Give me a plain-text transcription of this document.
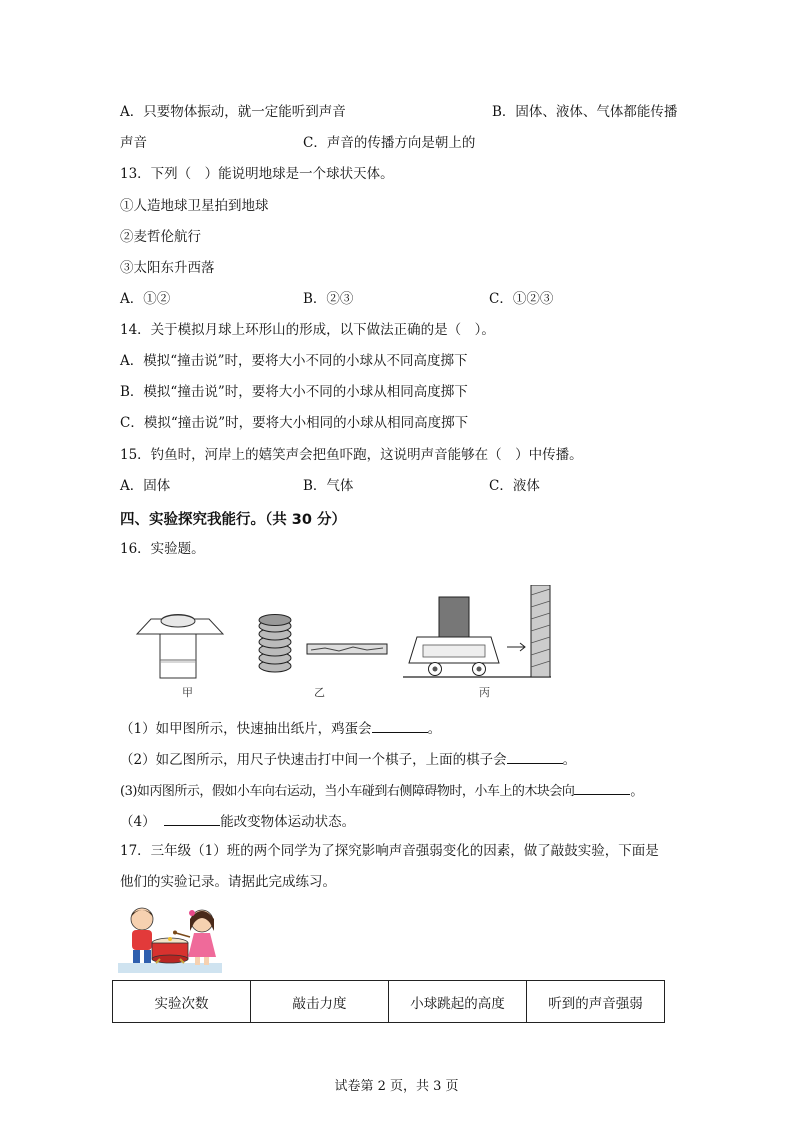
A．只要物体振动，就一定能听到声音	B．固体、液体、气体都能传播
声音	C．声音的传播方向是朝上的
13．下列（　）能说明地球是一个球状天体。
①人造地球卫星拍到地球
②麦哲伦航行
③太阳东升西落
A．①②	B．②③	C．①②③
14．关于模拟月球上环形山的形成，以下做法正确的是（　）。
A．模拟“撞击说”时，要将大小不同的小球从不同高度掷下
B．模拟“撞击说”时，要将大小不同的小球从相同高度掷下
C．模拟“撞击说”时，要将大小相同的小球从相同高度掷下
15．钓鱼时，河岸上的嬉笑声会把鱼吓跑，这说明声音能够在（　）中传播。
A．固体	B．气体	C．液体
四、实验探究我能行。（共 30 分）
16．实验题。
甲	乙	丙
（1）如甲图所示，快速抽出纸片，鸡蛋会	。
（2）如乙图所示，用尺子快速击打中间一个棋子，上面的棋子会	。
(3)如丙图所示，假如小车向右运动，当小车碰到右侧障碍物时，小车上的木块会向	。
（4）	能改变物体运动状态。
17．三年级（1）班的两个同学为了探究影响声音强弱变化的因素，做了敲鼓实验，下面是
他们的实验记录。请据此完成练习。
实验次数	敲击力度	小球跳起的高度	听到的声音强弱
试卷第 2 页，共 3 页
